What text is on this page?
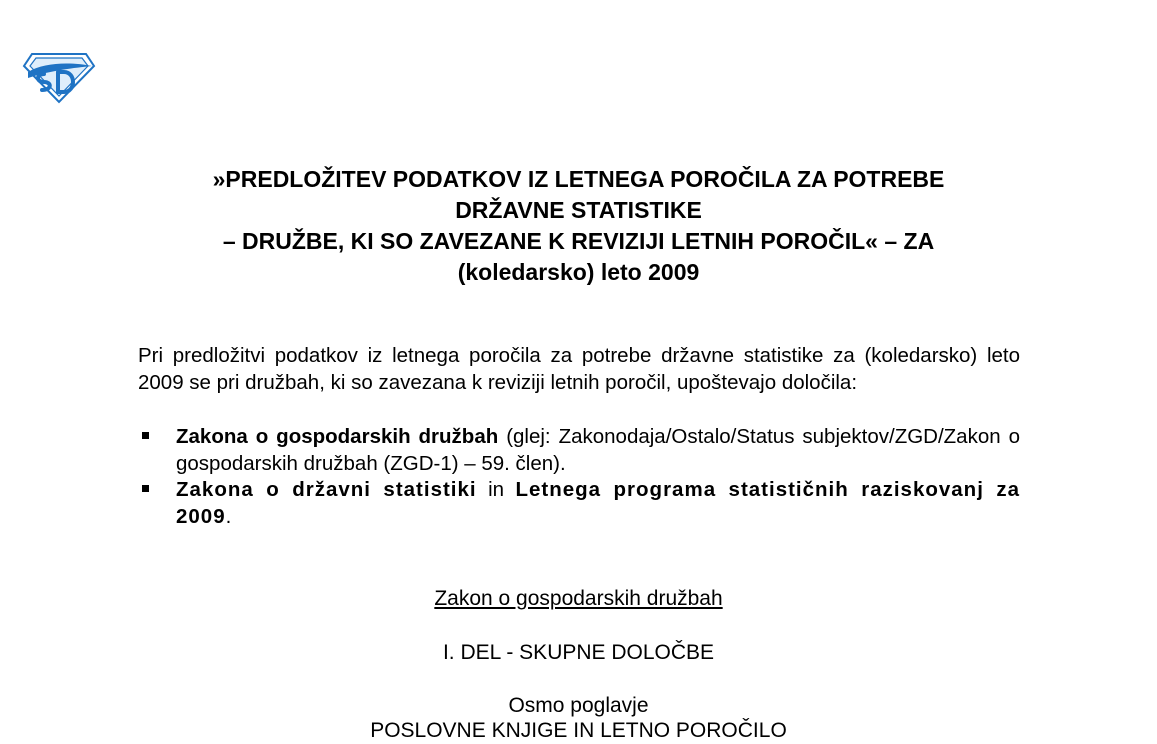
»PREDLOŽITEV PODATKOV IZ LETNEGA POROČILA ZA POTREBE
DRŽAVNE STATISTIKE
– DRUŽBE, KI SO ZAVEZANE K REVIZIJI LETNIH POROČIL« – ZA
(koledarsko) leto 2009

Pri predložitvi podatkov iz letnega poročila za potrebe državne statistike za (koledarsko) leto 2009 se pri družbah, ki so zavezana k reviziji letnih poročil, upoštevajo določila:

Zakona o gospodarskih družbah (glej: Zakonodaja/Ostalo/Status subjektov/ZGD/Zakon o gospodarskih družbah (ZGD-1) – 59. člen).

Zakona o državni statistiki in Letnega programa statističnih raziskovanj za 2009.

Zakon o gospodarskih družbah
I. DEL - SKUPNE DOLOČBE
Osmo poglavje
POSLOVNE KNJIGE IN LETNO POROČILO
